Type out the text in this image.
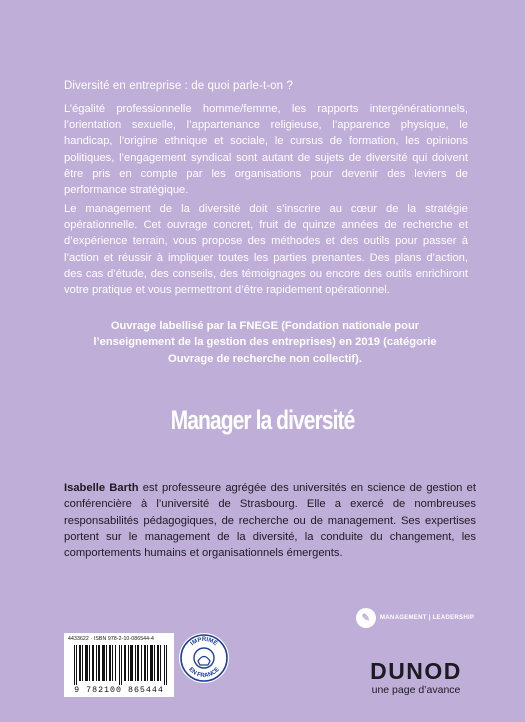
Diversité en entreprise : de quoi parle-t-on ?
L’égalité professionnelle homme/femme, les rapports intergénérationnels, l’orientation sexuelle, l’appartenance religieuse, l’apparence physique, le handicap, l’origine ethnique et sociale, le cursus de formation, les opinions politiques, l’engagement syndical sont autant de sujets de diversité qui doivent être pris en compte par les organisations pour devenir des leviers de performance stratégique.
Le management de la diversité doit s’inscrire au cœur de la stratégie opérationnelle. Cet ouvrage concret, fruit de quinze années de recherche et d’expérience terrain, vous propose des méthodes et des outils pour passer à l’action et réussir à impliquer toutes les parties prenantes. Des plans d’action, des cas d’étude, des conseils, des témoignages ou encore des outils enrichiront votre pratique et vous permettront d’être rapidement opérationnel.
Ouvrage labellisé par la FNEGE (Fondation nationale pour l’enseignement de la gestion des entreprises) en 2019 (catégorie Ouvrage de recherche non collectif).
Manager la diversité
Isabelle Barth est professeure agrégée des universités en science de gestion et conférencière à l’université de Strasbourg. Elle a exercé de nombreuses responsabilités pédagogiques, de recherche ou de management. Ses expertises portent sur le management de la diversité, la conduite du changement, les comportements humains et organisationnels émergents.
✎	MANAGEMENT | LEADERSHIP
4433622 · ISBN 978-2-10-086544-4
9 782100 865444
IMPRIMÉ
EN FRANCE	DUNOD
une page d’avance
